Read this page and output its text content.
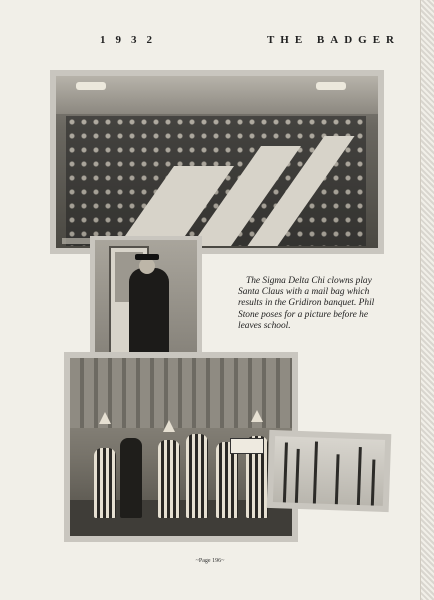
1932	THE BADGER

The Sigma Delta Chi clowns play Santa Claus with a mail bag which results in the Gridiron banquet. Phil Stone poses for a picture before he leaves school.

~Page 196~
